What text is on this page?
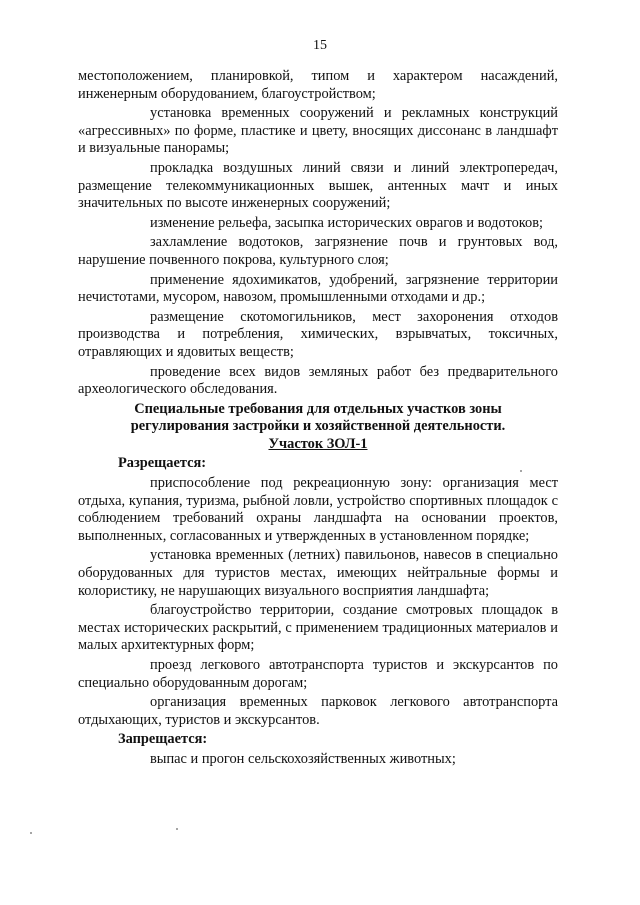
15

местоположением, планировкой, типом и характером насаждений, инженерным оборудованием, благоустройством;

установка временных сооружений и рекламных конструкций «агрессивных» по форме, пластике и цвету, вносящих диссонанс в ландшафт и визуальные панорамы;

прокладка воздушных линий связи и линий электропередач, размещение телекоммуникационных вышек, антенных мачт и иных значительных по высоте инженерных сооружений;

изменение рельефа, засыпка исторических оврагов и водотоков;

захламление водотоков, загрязнение почв и грунтовых вод, нарушение почвенного покрова, культурного слоя;

применение ядохимикатов, удобрений, загрязнение территории нечистотами, мусором, навозом, промышленными отходами и др.;

размещение скотомогильников, мест захоронения отходов производства и потребления, химических, взрывчатых, токсичных, отравляющих и ядовитых веществ;

проведение всех видов земляных работ без предварительного археологического обследования.

Специальные требования для отдельных участков зоны

регулирования застройки и хозяйственной деятельности.

Участок ЗОЛ-1

Разрещается:

приспособление под рекреационную зону: организация мест отдыха, купания, туризма, рыбной ловли, устройство спортивных площадок с соблюдением требований охраны ландшафта на основании проектов, выполненных, согласованных и утвержденных в установленном порядке;

установка временных (летних) павильонов, навесов в специально оборудованных для туристов местах, имеющих нейтральные формы и колористику, не нарушающих визуального восприятия ландшафта;

благоустройство территории, создание смотровых площадок в местах исторических раскрытий, с применением традиционных материалов и малых архитектурных форм;

проезд легкового автотранспорта туристов и экскурсантов по специально оборудованным дорогам;

организация временных парковок легкового автотранспорта отдыхающих, туристов и экскурсантов.

Запрещается:

выпас и прогон сельскохозяйственных животных;
